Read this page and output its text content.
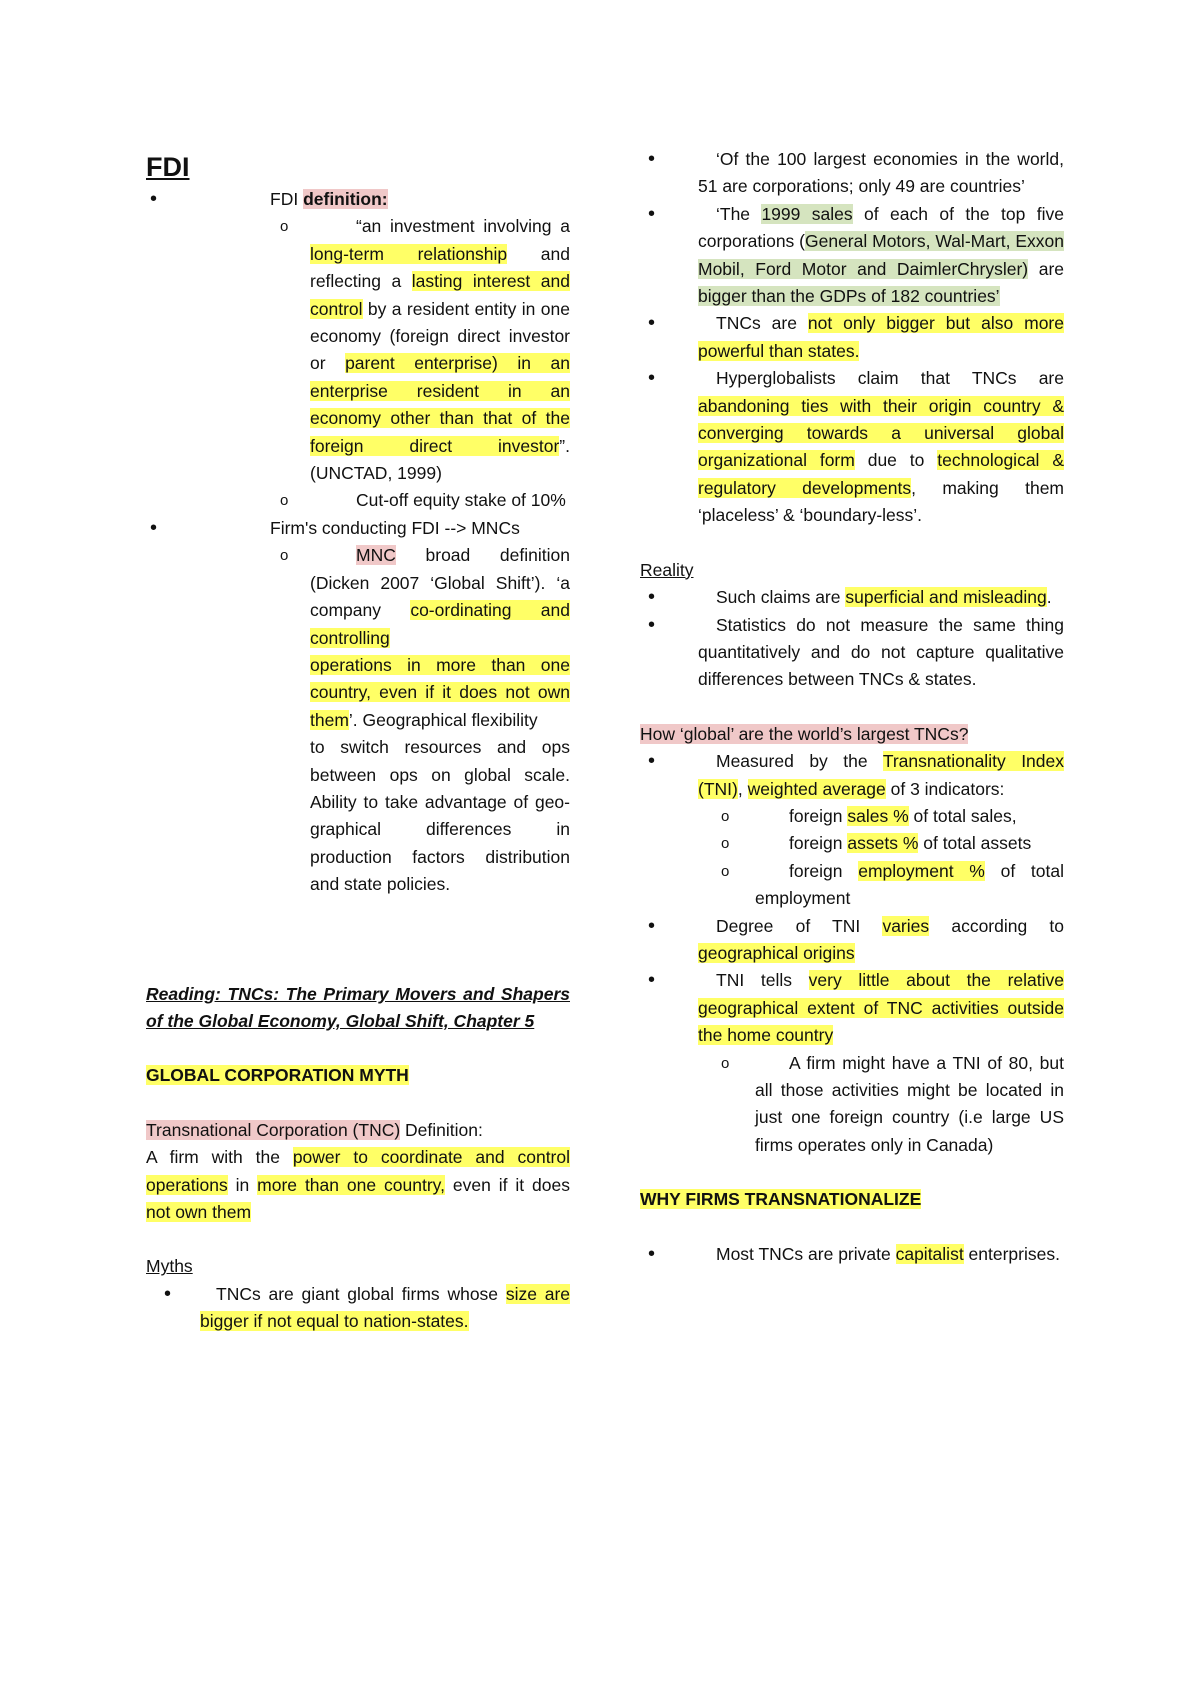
FDI
• FDI definition:
o “an investment involving a long-term relationship and reflecting a lasting interest and control by a resident entity in one economy (foreign direct investor or parent enterprise) in an enterprise resident in an economy other than that of the foreign direct investor”. (UNCTAD, 1999)
o Cut-off equity stake of 10%
• Firm's conducting FDI --> MNCs
o MNC broad definition (Dicken 2007 ‘Global Shift’). ‘a company co-ordinating and controlling
operations in more than one country, even if it does not own them’. Geographical flexibility
to switch resources and ops between ops on global scale. Ability to take advantage of geo-graphical differences in production factors distribution and state policies.
Reading: TNCs: The Primary Movers and Shapers of the Global Economy, Global Shift, Chapter 5
GLOBAL CORPORATION MYTH
Transnational Corporation (TNC) Definition:
A firm with the power to coordinate and control operations in more than one country, even if it does not own them
Myths
• TNCs are giant global firms whose size are bigger if not equal to nation-states.
• ‘Of the 100 largest economies in the world, 51 are corporations; only 49 are countries’
• ‘The 1999 sales of each of the top five corporations (General Motors, Wal-Mart, Exxon Mobil, Ford Motor and DaimlerChrysler) are bigger than the GDPs of 182 countries’
• TNCs are not only bigger but also more powerful than states.
• Hyperglobalists claim that TNCs are abandoning ties with their origin country & converging towards a universal global organizational form due to technological & regulatory developments, making them ‘placeless’ & ‘boundary-less’.
Reality
• Such claims are superficial and misleading.
• Statistics do not measure the same thing quantitatively and do not capture qualitative differences between TNCs & states.
How ‘global’ are the world’s largest TNCs?
• Measured by the Transnationality Index (TNI), weighted average of 3 indicators:
o foreign sales % of total sales,
o foreign assets % of total assets
o foreign employment % of total employment
• Degree of TNI varies according to geographical origins
• TNI tells very little about the relative geographical extent of TNC activities outside the home country
o A firm might have a TNI of 80, but all those activities might be located in just one foreign country (i.e large US firms operates only in Canada)
WHY FIRMS TRANSNATIONALIZE
• Most TNCs are private capitalist enterprises.
